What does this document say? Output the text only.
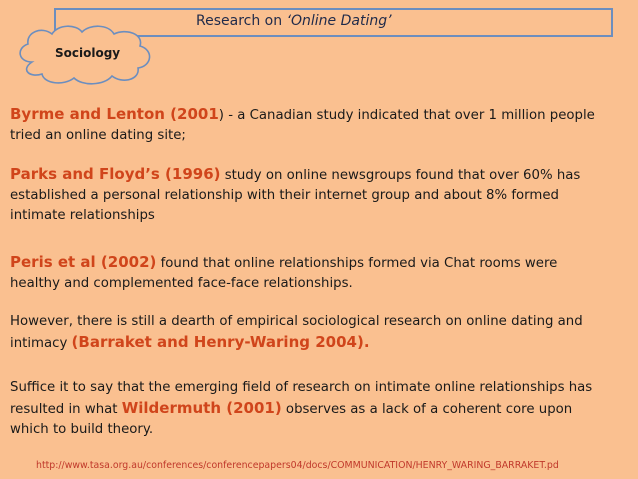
Research on ‘Online Dating’
Sociology
Byrme and Lenton (2001) - a Canadian study indicated that over 1 million people tried an online dating site;
Parks and Floyd’s (1996) study on online newsgroups found that over 60% has established a personal relationship with their internet group and about 8% formed intimate relationships
Peris et al (2002) found that online relationships formed via Chat rooms were healthy and complemented face-face relationships.
However, there is still a dearth of empirical sociological research on online dating and intimacy (Barraket and Henry-Waring 2004).
Suffice it to say that the emerging field of research on intimate online relationships has resulted in what Wildermuth (2001) observes as a lack of a coherent core upon which to build theory.
http://www.tasa.org.au/conferences/conferencepapers04/docs/COMMUNICATION/HENRY_WARING_BARRAKET.pd
